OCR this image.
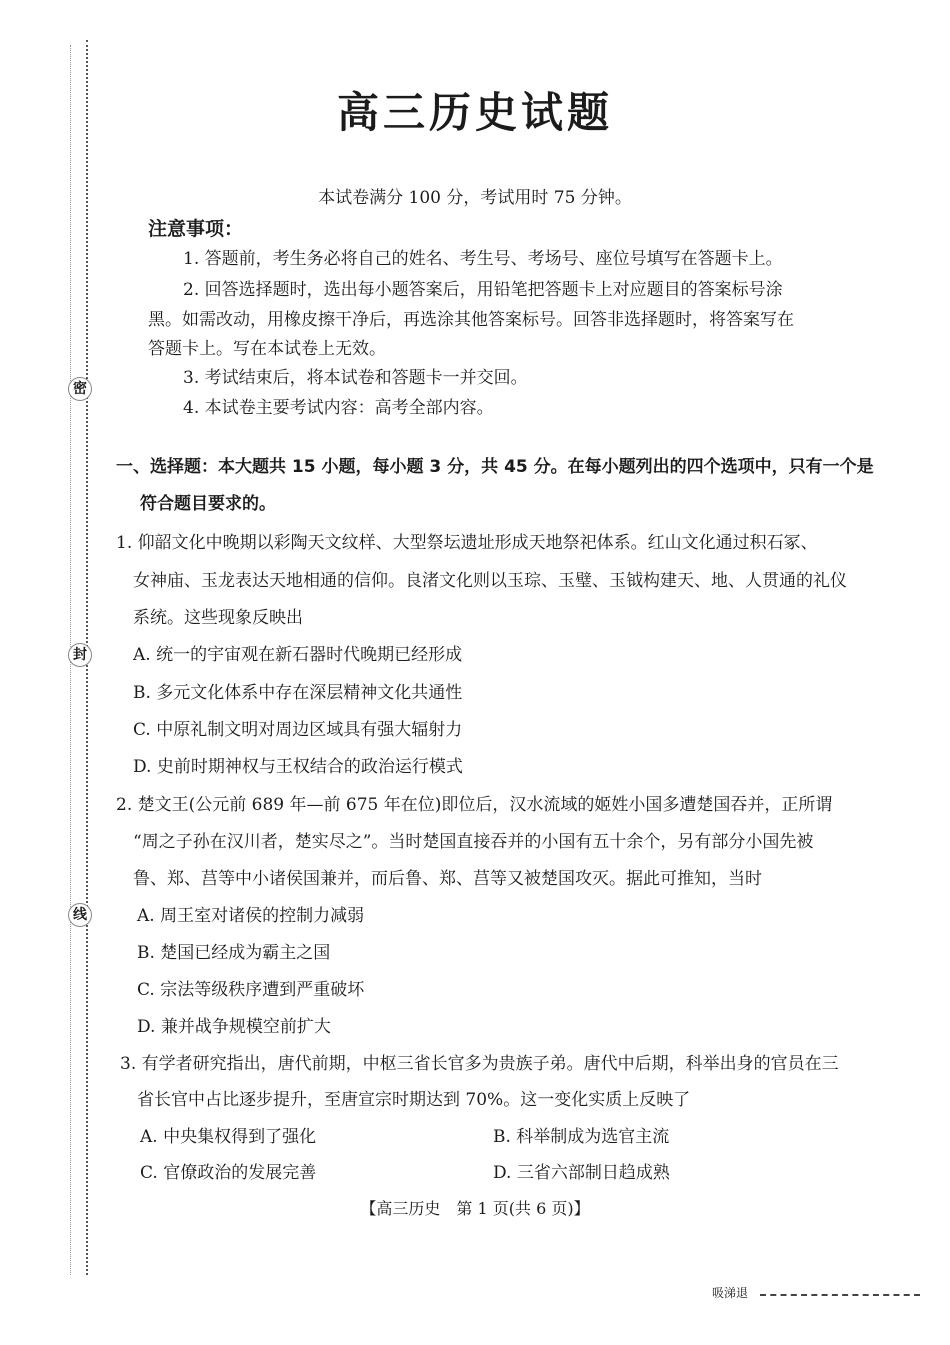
密
封
线
高三历史试题
本试卷满分 100 分，考试用时 75 分钟。
注意事项：
1. 答题前，考生务必将自己的姓名、考生号、考场号、座位号填写在答题卡上。
2. 回答选择题时，选出每小题答案后，用铅笔把答题卡上对应题目的答案标号涂
黑。如需改动，用橡皮擦干净后，再选涂其他答案标号。回答非选择题时，将答案写在
答题卡上。写在本试卷上无效。
3. 考试结束后，将本试卷和答题卡一并交回。
4. 本试卷主要考试内容：高考全部内容。
一、选择题：本大题共 15 小题，每小题 3 分，共 45 分。在每小题列出的四个选项中，只有一个是
符合题目要求的。
1. 仰韶文化中晚期以彩陶天文纹样、大型祭坛遗址形成天地祭祀体系。红山文化通过积石冢、
女神庙、玉龙表达天地相通的信仰。良渚文化则以玉琮、玉璧、玉钺构建天、地、人贯通的礼仪
系统。这些现象反映出
A. 统一的宇宙观在新石器时代晚期已经形成
B. 多元文化体系中存在深层精神文化共通性
C. 中原礼制文明对周边区域具有强大辐射力
D. 史前时期神权与王权结合的政治运行模式
2. 楚文王(公元前 689 年—前 675 年在位)即位后，汉水流域的姬姓小国多遭楚国吞并，正所谓
“周之子孙在汉川者，楚实尽之”。当时楚国直接吞并的小国有五十余个，另有部分小国先被
鲁、郑、莒等中小诸侯国兼并，而后鲁、郑、莒等又被楚国攻灭。据此可推知，当时
A. 周王室对诸侯的控制力减弱
B. 楚国已经成为霸主之国
C. 宗法等级秩序遭到严重破坏
D. 兼并战争规模空前扩大
3. 有学者研究指出，唐代前期，中枢三省长官多为贵族子弟。唐代中后期，科举出身的官员在三
省长官中占比逐步提升，至唐宣宗时期达到 70%。这一变化实质上反映了
A. 中央集权得到了强化	B. 科举制成为选官主流
C. 官僚政治的发展完善	D. 三省六部制日趋成熟
【高三历史　第 1 页(共 6 页)】
吸涕退
